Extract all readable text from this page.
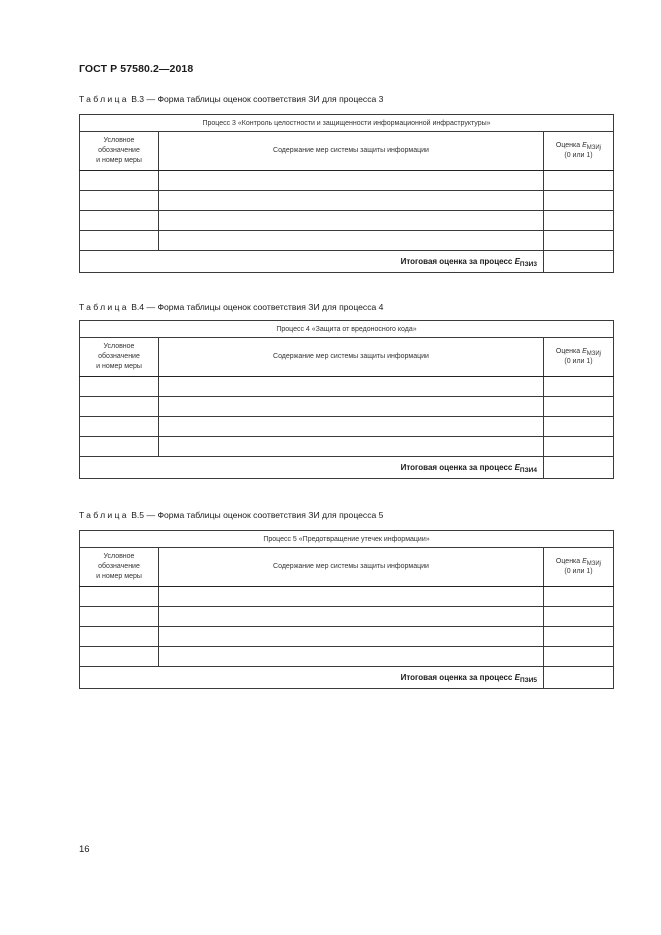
ГОСТ Р 57580.2—2018
Таблица В.3 — Форма таблицы оценок соответствия ЗИ для процесса 3
Процесс 3 «Контроль целостности и защищенности информационной инфраструктуры»		
Условное
обозначение
и номер меры	Содержание мер системы защиты информации	Оценка $E_{МЗИj}$
(0 или 1)

Итоговая оценка за процесс $E_{ПЗИ3}$	
Таблица В.4 — Форма таблицы оценок соответствия ЗИ для процесса 4
Процесс 4 «Защита от вредоносного кода»		
Условное
обозначение
и номер меры	Содержание мер системы защиты информации	Оценка $E_{МЗИj}$
(0 или 1)

Итоговая оценка за процесс $E_{ПЗИ4}$	
Таблица В.5 — Форма таблицы оценок соответствия ЗИ для процесса 5
Процесс 5 «Предотвращение утечек информации»		
Условное
обозначение
и номер меры	Содержание мер системы защиты информации	Оценка $E_{МЗИj}$
(0 или 1)

Итоговая оценка за процесс $E_{ПЗИ5}$	
16
